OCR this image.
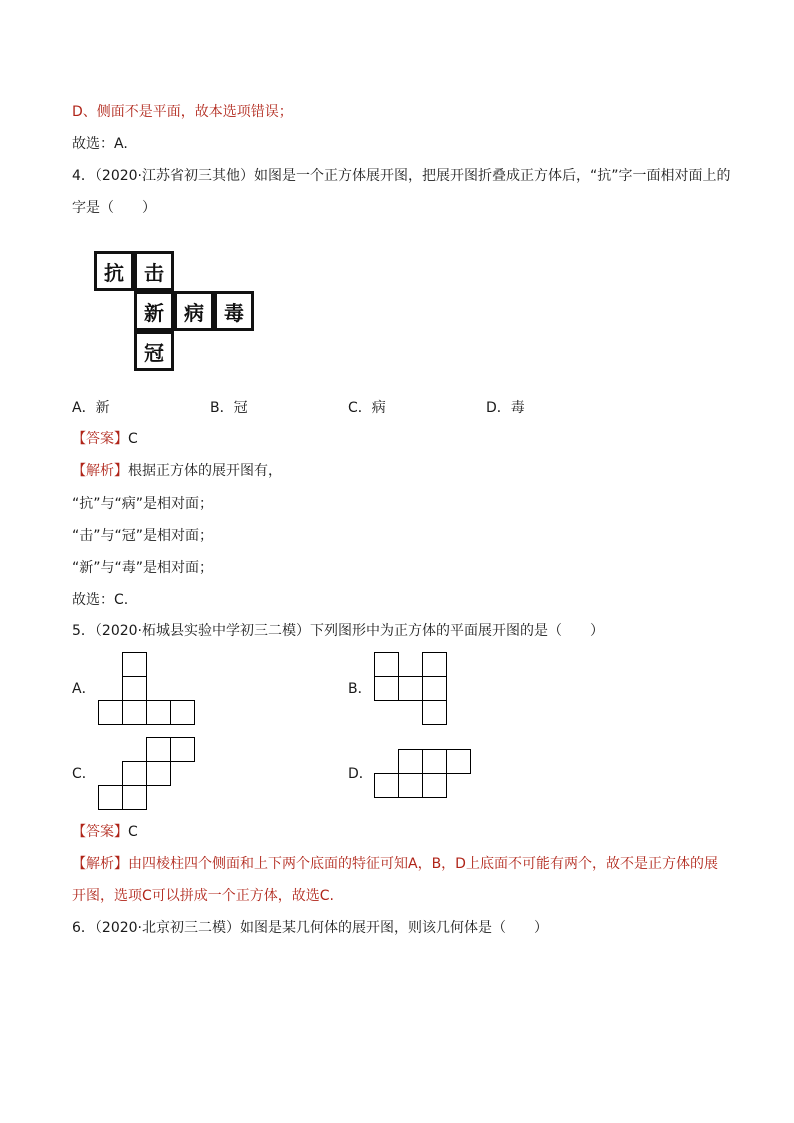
D、侧面不是平面，故本选项错误；
故选：A.
4．（2020·江苏省初三其他）如图是一个正方体展开图，把展开图折叠成正方体后，“抗”字一面相对面上的
字是（　　）
抗	击
新	病	毒
冠
A．新	B．冠	C．病	D．毒
【答案】C
【解析】根据正方体的展开图有，
“抗”与“病”是相对面；
“击”与“冠”是相对面；
“新”与“毒”是相对面；
故选：C.
5．（2020·柘城县实验中学初三二模）下列图形中为正方体的平面展开图的是（　　）
A．	B．
C．	D．
【答案】C
【解析】由四棱柱四个侧面和上下两个底面的特征可知A，B，D上底面不可能有两个，故不是正方体的展
开图，选项C可以拼成一个正方体，故选C.
6．（2020·北京初三二模）如图是某几何体的展开图，则该几何体是（　　）
